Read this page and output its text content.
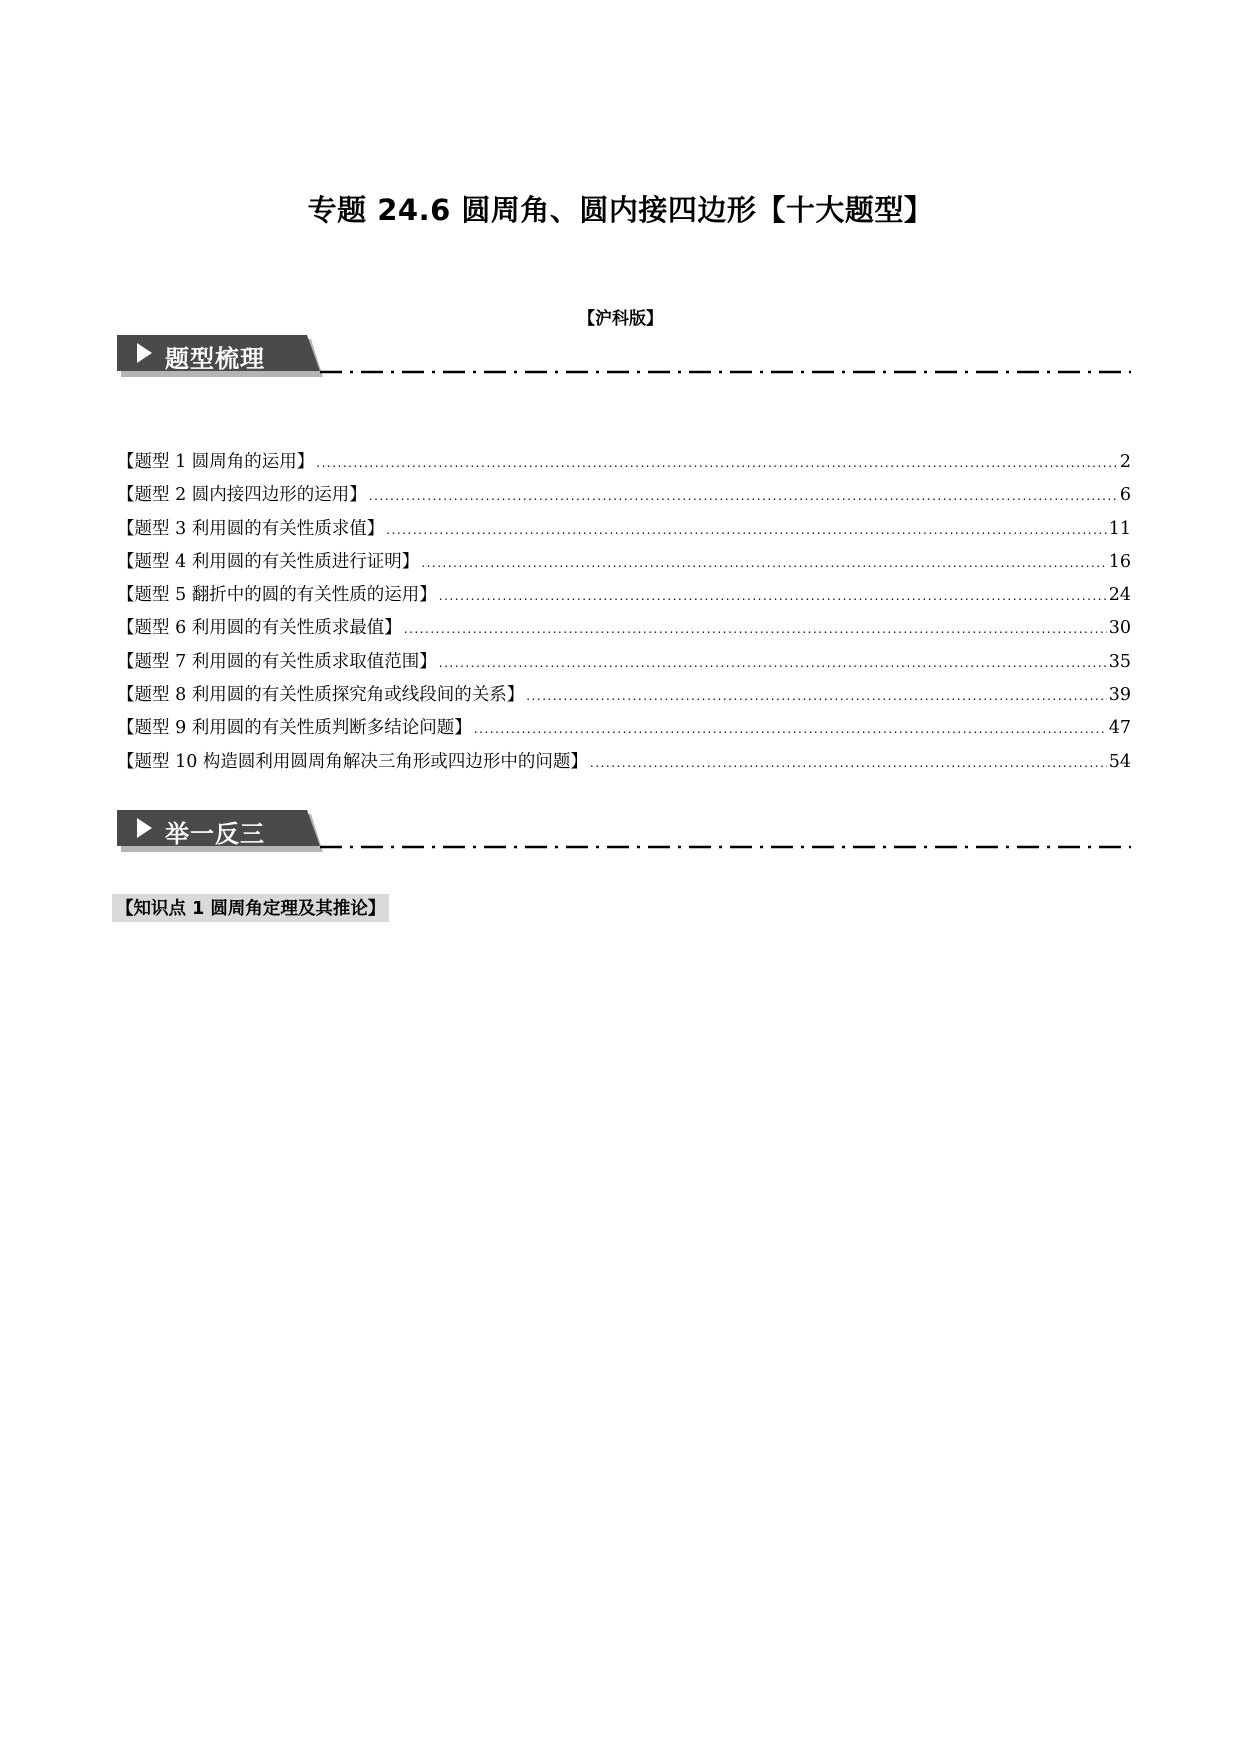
专题 24.6 圆周角、圆内接四边形【十大题型】
【沪科版】
题型梳理
【题型 1 圆周角的运用】 .....	2
【题型 2 圆内接四边形的运用】 .....	6
【题型 3 利用圆的有关性质求值】 .....	11
【题型 4 利用圆的有关性质进行证明】 .....	16
【题型 5 翻折中的圆的有关性质的运用】 .....	24
【题型 6 利用圆的有关性质求最值】 .....	30
【题型 7 利用圆的有关性质求取值范围】 .....	35
【题型 8 利用圆的有关性质探究角或线段间的关系】 .....	39
【题型 9 利用圆的有关性质判断多结论问题】 .....	47
【题型 10 构造圆利用圆周角解决三角形或四边形中的问题】 .....	54
举一反三
【知识点 1 圆周角定理及其推论】
